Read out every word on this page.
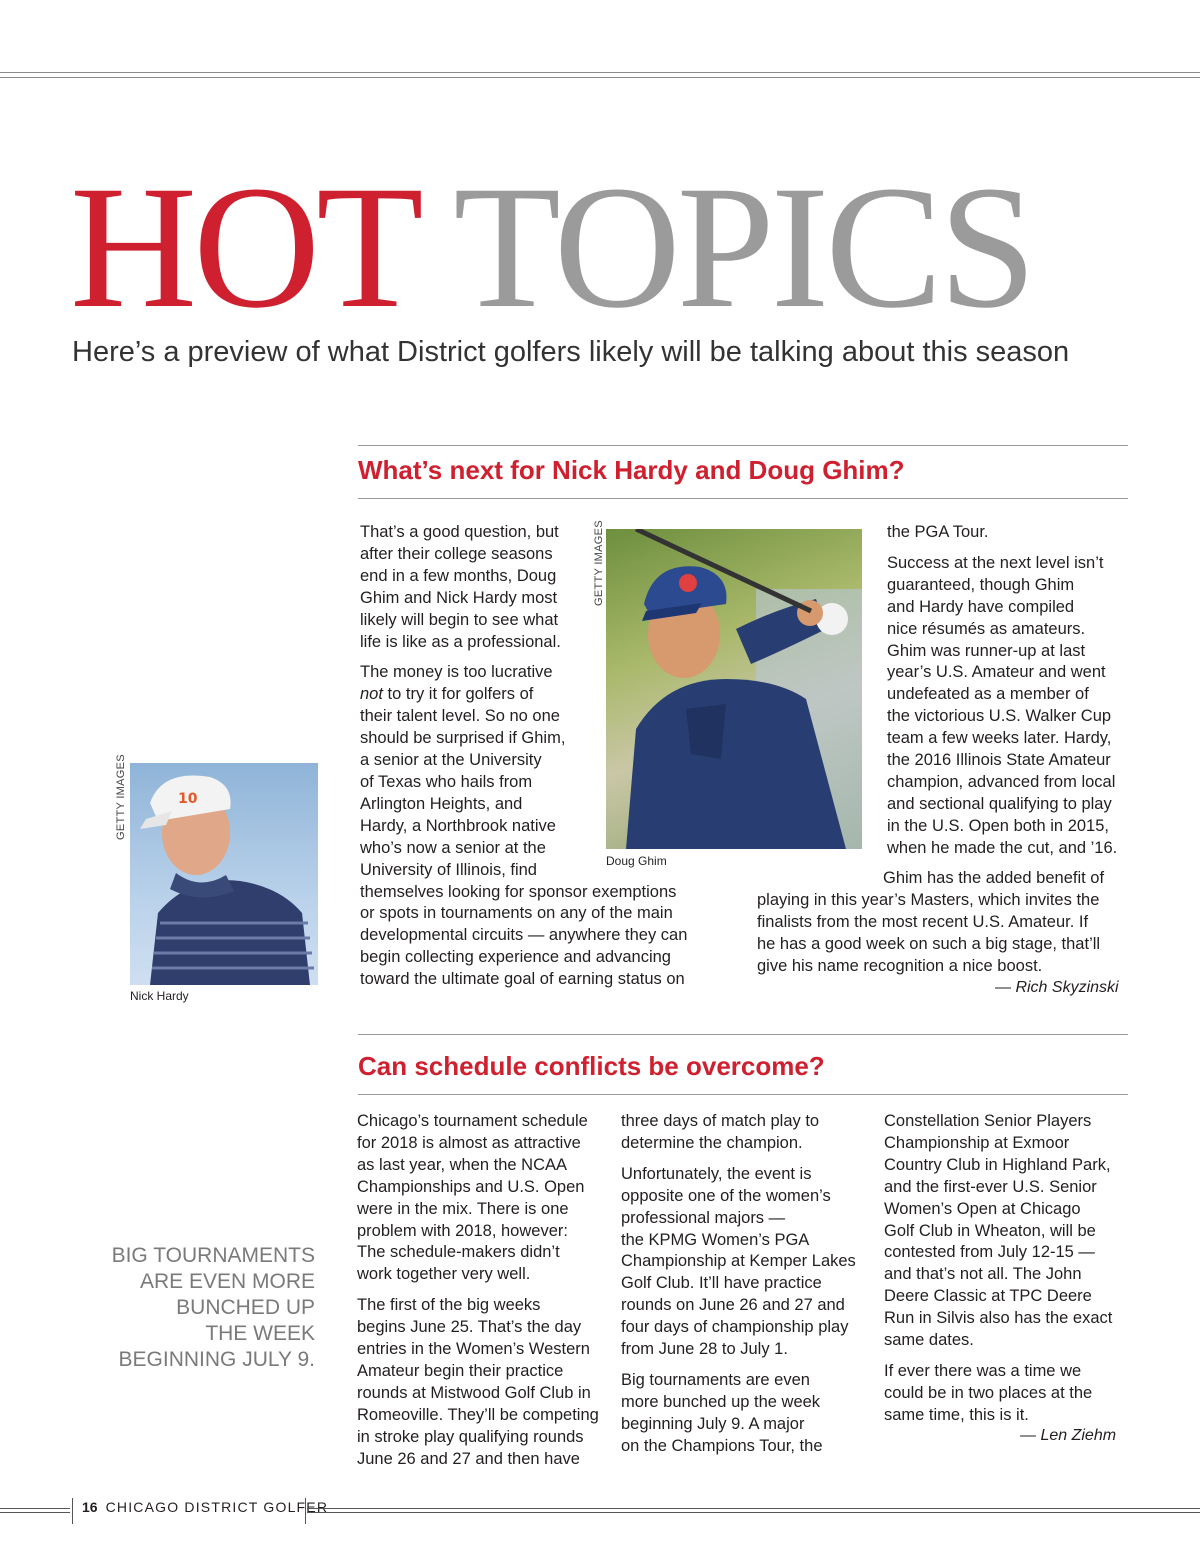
HOT TOPICS
Here’s a preview of what District golfers likely will be talking about this season
What’s next for Nick Hardy and Doug Ghim?
GETTY IMAGES
Doug Ghim
10
GETTY IMAGES
Nick Hardy

That’s a good question, but
after their college seasons
end in a few months, Doug
Ghim and Nick Hardy most
likely will begin to see what
life is like as a professional.

The money is too lucrative
not to try it for golfers of
their talent level. So no one
should be surprised if Ghim,
a senior at the University
of Texas who hails from
Arlington Heights, and
Hardy, a Northbrook native
who’s now a senior at the
University of Illinois, find
themselves looking for sponsor exemptions
or spots in tournaments on any of the main
developmental circuits — anywhere they can
begin collecting experience and advancing
toward the ultimate goal of earning status on

the PGA Tour.

Success at the next level isn’t
guaranteed, though Ghim
and Hardy have compiled
nice résumés as amateurs.
Ghim was runner-up at last
year’s U.S. Amateur and went
undefeated as a member of
the victorious U.S. Walker Cup
team a few weeks later. Hardy,
the 2016 Illinois State Amateur
champion, advanced from local
and sectional qualifying to play
in the U.S. Open both in 2015,
when he made the cut, and ’16.

Ghim has the added benefit of
playing in this year’s Masters, which invites the
finalists from the most recent U.S. Amateur. If
he has a good week on such a big stage, that’ll
give his name recognition a nice boost.

— Rich Skyzinski
Can schedule conflicts be overcome?
BIG TOURNAMENTS
ARE EVEN MORE
BUNCHED UP
THE WEEK
BEGINNING JULY 9.

Chicago’s tournament schedule
for 2018 is almost as attractive
as last year, when the NCAA
Championships and U.S. Open
were in the mix. There is one
problem with 2018, however:
The schedule-makers didn’t
work together very well.

The first of the big weeks
begins June 25. That’s the day
entries in the Women’s Western
Amateur begin their practice
rounds at Mistwood Golf Club in
Romeoville. They’ll be competing
in stroke play qualifying rounds
June 26 and 27 and then have

three days of match play to
determine the champion.

Unfortunately, the event is
opposite one of the women’s
professional majors —
the KPMG Women’s PGA
Championship at Kemper Lakes
Golf Club. It’ll have practice
rounds on June 26 and 27 and
four days of championship play
from June 28 to July 1.

Big tournaments are even
more bunched up the week
beginning July 9. A major
on the Champions Tour, the

Constellation Senior Players
Championship at Exmoor
Country Club in Highland Park,
and the first-ever U.S. Senior
Women’s Open at Chicago
Golf Club in Wheaton, will be
contested from July 12-15 —
and that’s not all. The John
Deere Classic at TPC Deere
Run in Silvis also has the exact
same dates.

If ever there was a time we
could be in two places at the
same time, this is it.

— Len Ziehm
16 CHICAGO DISTRICT GOLFER
